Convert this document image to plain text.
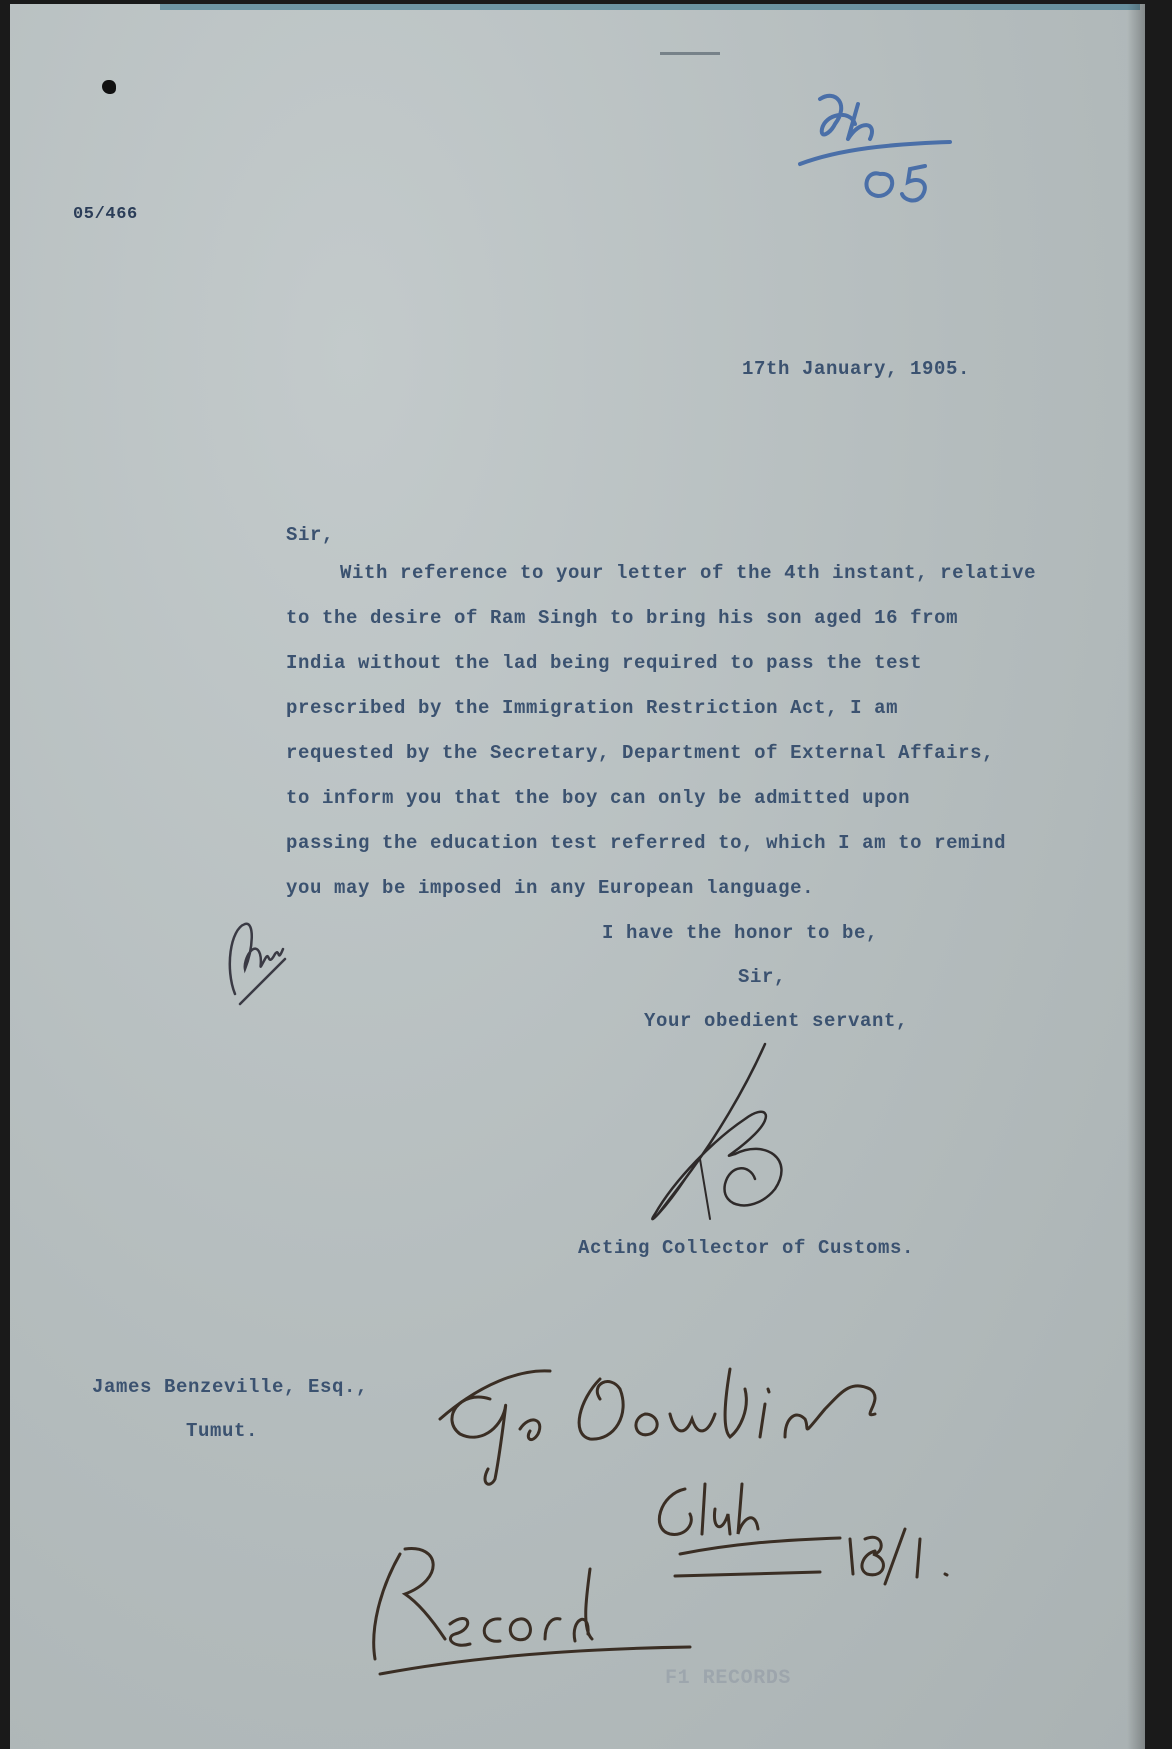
05/466
17th January, 1905.
Sir,
With reference to your letter of the 4th instant, relative
to the desire of Ram Singh to bring his son aged 16 from
India without the lad being required to pass the test
prescribed by the Immigration Restriction Act, I am
requested by the Secretary, Department of External Affairs,
to inform you that the boy can only be admitted upon
passing the education test referred to, which I am to remind
you may be imposed in any European language.
I have the honor to be,
Sir,
Your obedient servant,
Acting Collector of Customs.
James Benzeville, Esq.,
Tumut.
F1 RECORDS
